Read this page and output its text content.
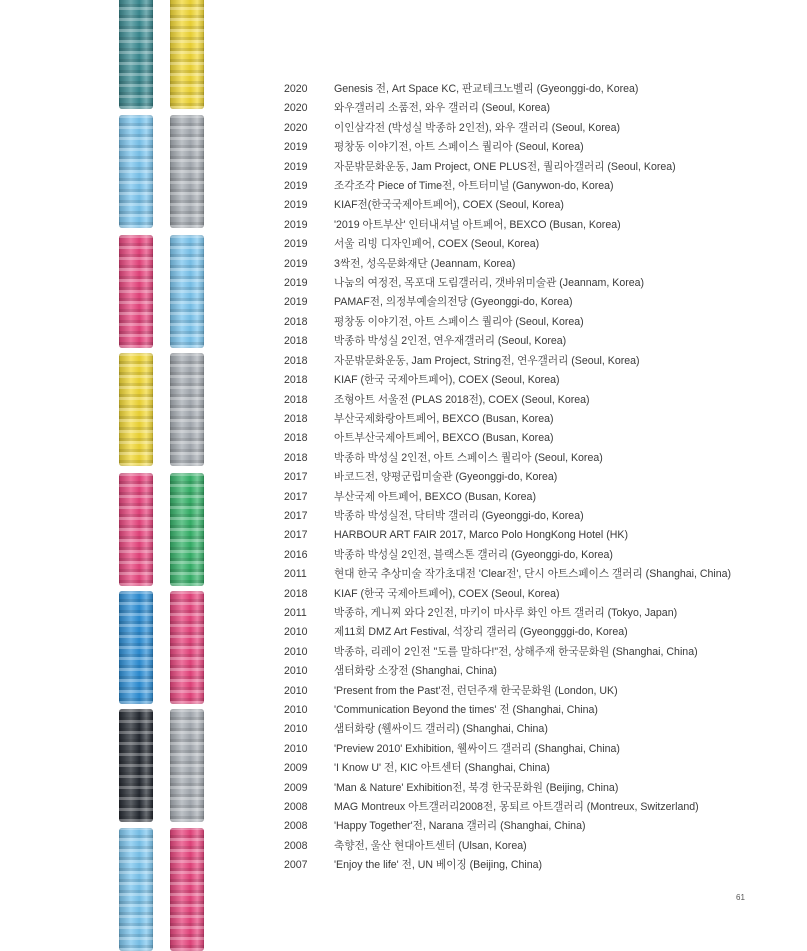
2020	Genesis 전, Art Space KC, 판교테크노벨리 (Gyeonggi-do, Korea)
2020	와우갤러리 소품전, 와우 갤러리 (Seoul, Korea)
2020	이인삼각전 (박성실 박종하 2인전), 와우 갤러리 (Seoul, Korea)
2019	평창동 이야기전, 아트 스페이스 퀄리아 (Seoul, Korea)
2019	자문밖문화운동, Jam Project, ONE PLUS전, 퀄리아갤러리 (Seoul, Korea)
2019	조각조각 Piece of Time전, 아트터미널 (Ganywon-do, Korea)
2019	KIAF전(한국국제아트페어), COEX (Seoul, Korea)
2019	'2019 아트부산' 인터내셔널 아트페어, BEXCO (Busan, Korea)
2019	서울 리빙 디자인페어, COEX (Seoul, Korea)
2019	3싹전, 성옥문화재단 (Jeannam, Korea)
2019	나눔의 여정전, 목포대 도림갤러리, 갯바위미술관 (Jeannam, Korea)
2019	PAMAF전, 의정부예술의전당 (Gyeonggi-do, Korea)
2018	평창동 이야기전, 아트 스페이스 퀄리아 (Seoul, Korea)
2018	박종하 박성실 2인전, 연우재갤러리 (Seoul, Korea)
2018	자문밖문화운동, Jam Project, String전, 연우갤러리 (Seoul, Korea)
2018	KIAF (한국 국제아트페어), COEX (Seoul, Korea)
2018	조형아트 서울전 (PLAS 2018전), COEX (Seoul, Korea)
2018	부산국제화랑아트페어, BEXCO (Busan, Korea)
2018	아트부산국제아트페어, BEXCO (Busan, Korea)
2018	박종하 박성실 2인전, 아트 스페이스 퀄리아 (Seoul, Korea)
2017	바코드전, 양평군립미술관 (Gyeonggi-do, Korea)
2017	부산국제 아트페어, BEXCO (Busan, Korea)
2017	박종하 박성실전, 닥터박 갤러리 (Gyeonggi-do, Korea)
2017	HARBOUR ART FAIR 2017, Marco Polo HongKong Hotel (HK)
2016	박종하 박성실 2인전, 블랙스톤 갤러리 (Gyeonggi-do, Korea)
2011	현대 한국 추상미술 작가초대전 'Clear전', 단시 아트스페이스 갤러리 (Shanghai, China)
2018	KIAF (한국 국제아트페어), COEX (Seoul, Korea)
2011	박종하, 게니찌 와다 2인전, 마키이 마사루 화인 아트 갤러리 (Tokyo, Japan)
2010	제11회 DMZ Art Festival, 석장리 갤러리 (Gyeongggi-do, Korea)
2010	박종하, 리레이 2인전 "도를 말하다!"전, 상해주재 한국문화원 (Shanghai, China)
2010	샘터화랑 소장전 (Shanghai, China)
2010	'Present from the Past'전, 런던주재 한국문화원 (London, UK)
2010	'Communication Beyond the times' 전 (Shanghai, China)
2010	샘터화랑 (웰싸이드 갤러리) (Shanghai, China)
2010	'Preview 2010' Exhibition, 웰싸이드 갤러리 (Shanghai, China)
2009	'I Know U' 전, KIC 아트센터 (Shanghai, China)
2009	'Man & Nature' Exhibition전, 북경 한국문화원 (Beijing, China)
2008	MAG Montreux 아트갤러리2008전, 몽퇴르 아트갤러리 (Montreux, Switzerland)
2008	'Happy Together'전, Narana 갤러리 (Shanghai, China)
2008	축향전, 울산 현대아트센터 (Ulsan, Korea)
2007	'Enjoy the life' 전, UN 베이징 (Beijing, China)
61
